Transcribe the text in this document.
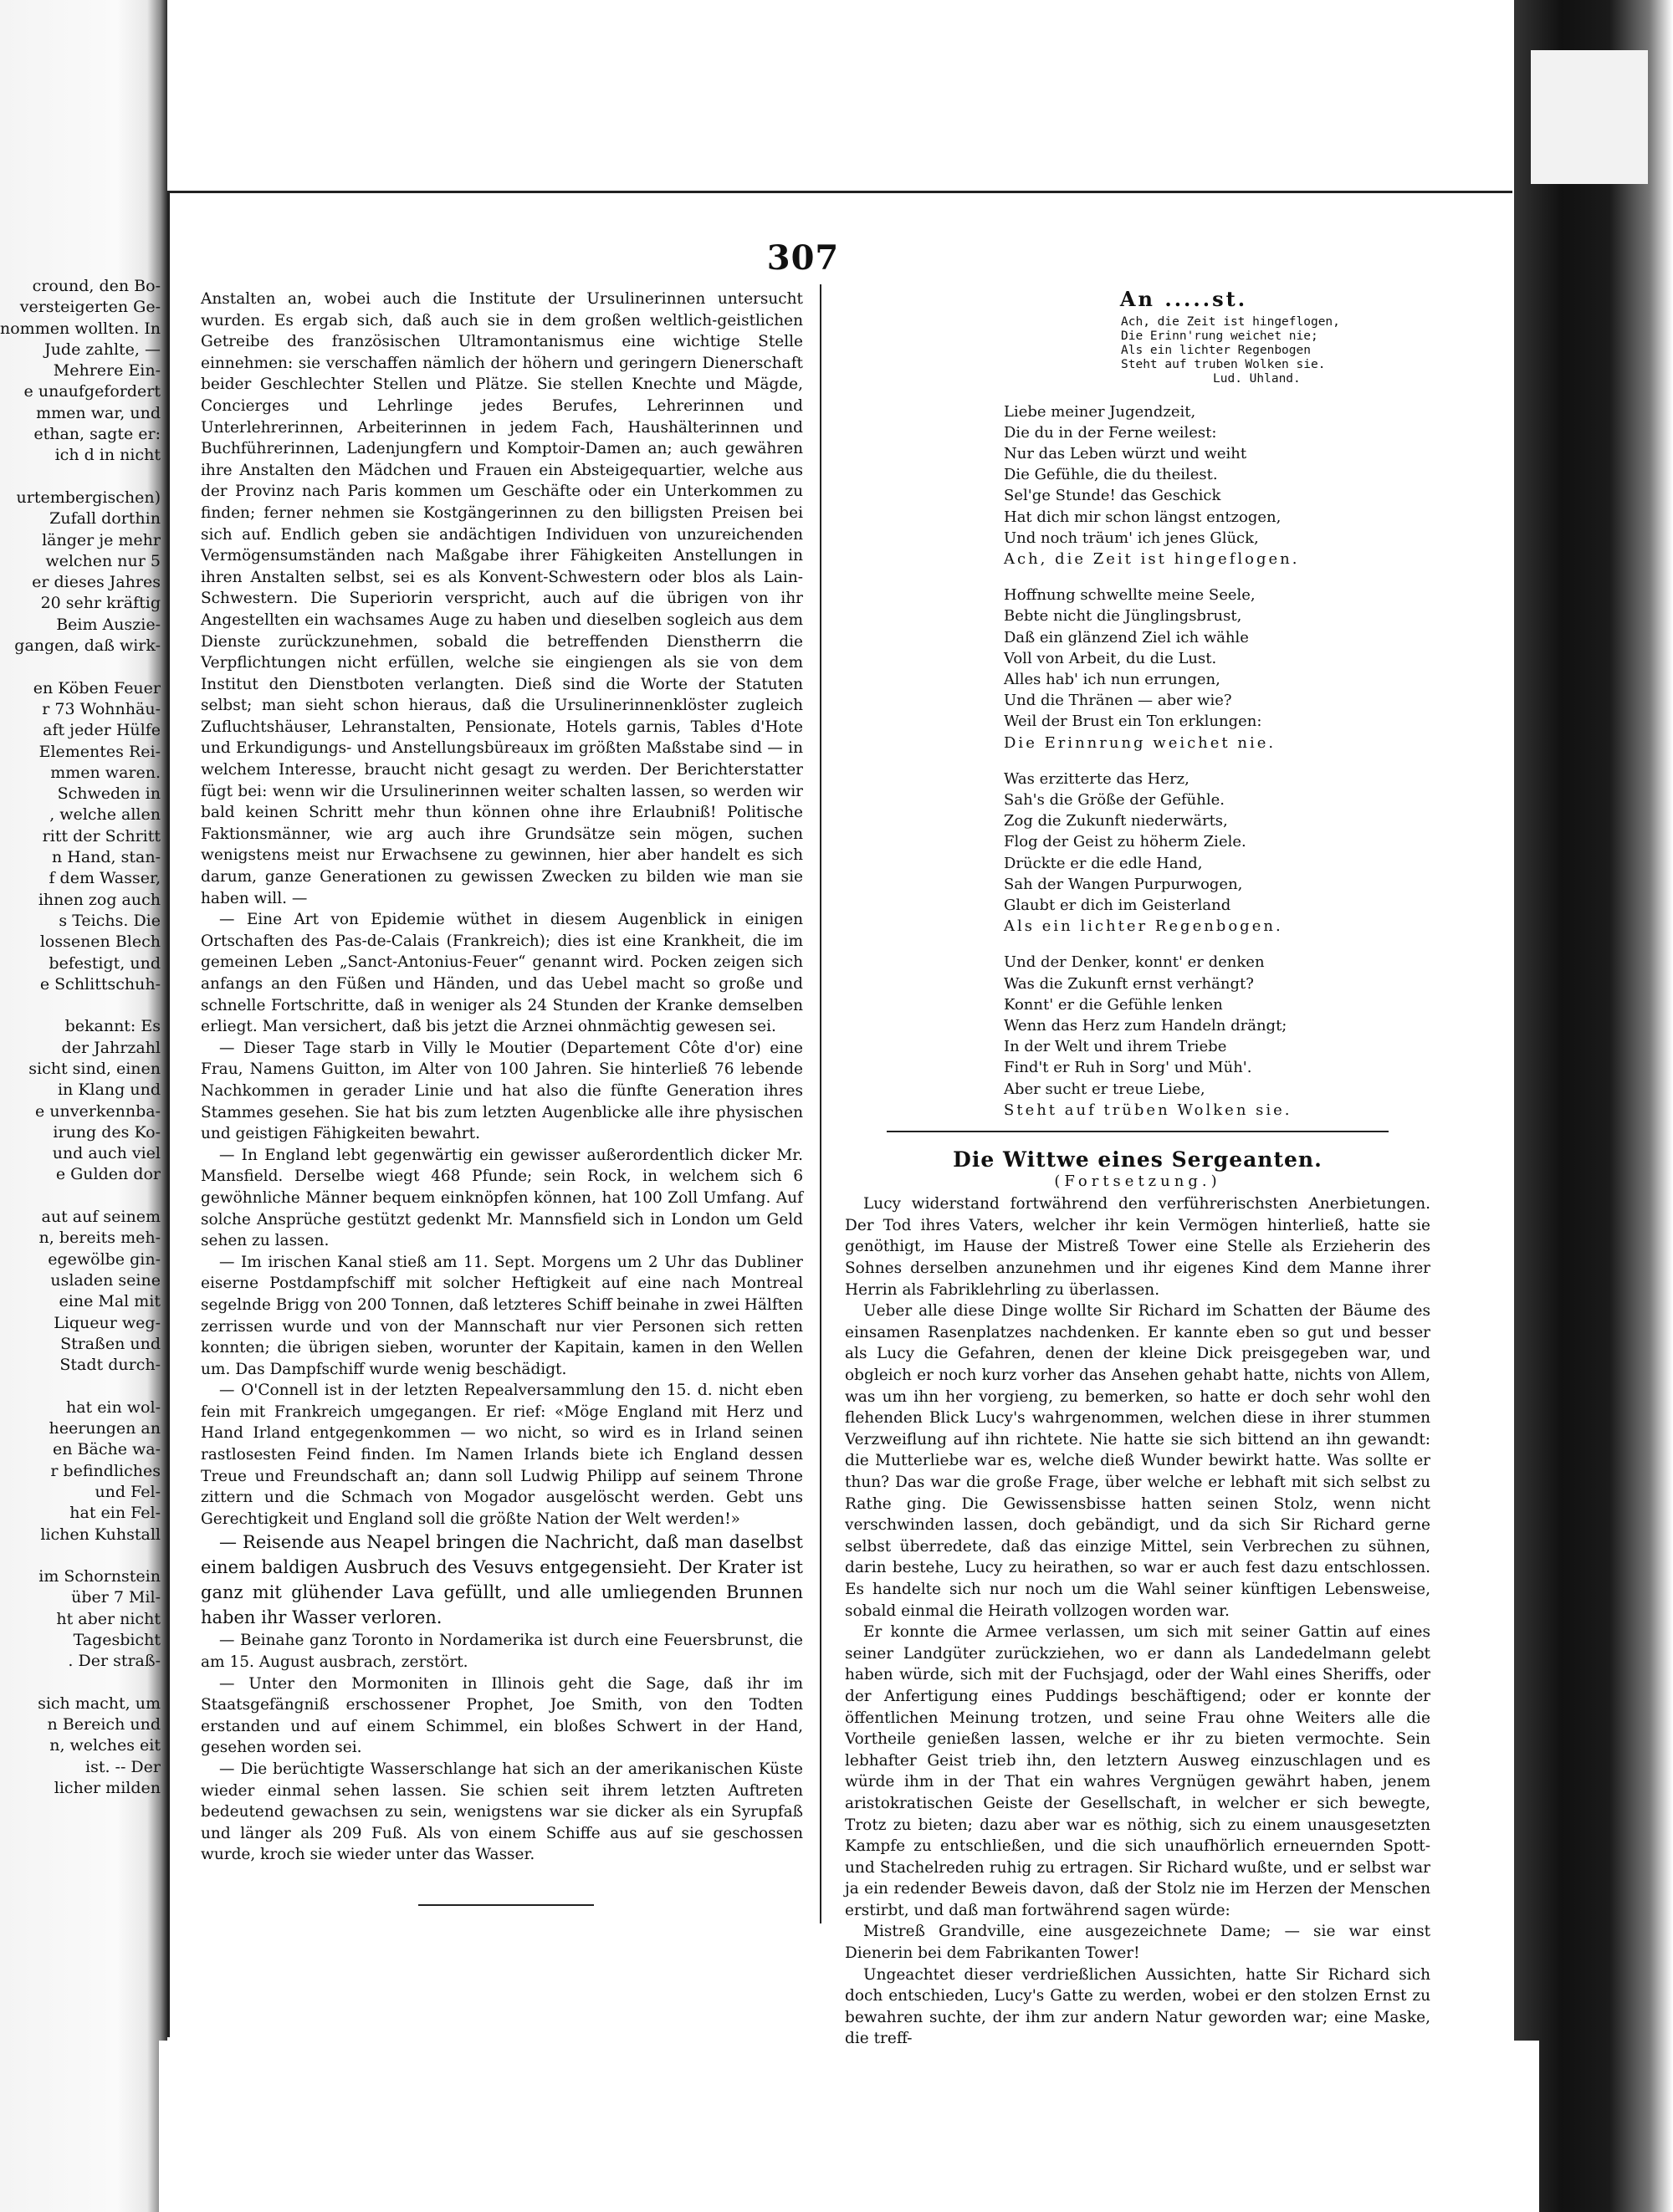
cround, den Bo-
versteigerten Ge-
nommen wollten. In
Jude zahlte, —
Mehrere Ein-
e unaufgefordert
mmen war, und
ethan, sagte er:
ich d in nicht

urtembergischen)
Zufall dorthin
länger je mehr
welchen nur 5
er dieses Jahres
20 sehr kräftig
Beim Auszie-
gangen, daß wirk-

en Köben Feuer
r 73 Wohnhäu-
aft jeder Hülfe
Elementes Rei-
mmen waren.
Schweden in
, welche allen
ritt der Schritt
n Hand, stan-
f dem Wasser,
ihnen zog auch
s Teichs. Die
lossenen Blech
befestigt, und
e Schlittschuh-

bekannt: Es
der Jahrzahl
sicht sind, einen
in Klang und
e unverkennba-
irung des Ko-
und auch viel
e Gulden dor

aut auf seinem
n, bereits meh-
egewölbe gin-
usladen seine
eine Mal mit
Liqueur weg-
Straßen und
Stadt durch-

hat ein wol-
heerungen an
en Bäche wa-
r befindliches
und Fel-
hat ein Fel-
lichen Kuhstall

im Schornstein
über 7 Mil-
ht aber nicht
Tagesbicht
. Der straß-

sich macht, um
n Bereich und
n, welches eit
ist. -- Der
licher milden
307

Anstalten an, wobei auch die Institute der Ursulinerinnen untersucht wurden. Es ergab sich, daß auch sie in dem großen weltlich-geistlichen Getreibe des französischen Ultramontanismus eine wichtige Stelle einnehmen: sie verschaffen nämlich der höhern und geringern Dienerschaft beider Geschlechter Stellen und Plätze. Sie stellen Knechte und Mägde, Concierges und Lehrlinge jedes Berufes, Lehrerinnen und Unterlehrerinnen, Arbeiterinnen in jedem Fach, Haushälterinnen und Buchführerinnen, Ladenjungfern und Komptoir-Damen an; auch gewähren ihre Anstalten den Mädchen und Frauen ein Absteigequartier, welche aus der Provinz nach Paris kommen um Geschäfte oder ein Unterkommen zu finden; ferner nehmen sie Kostgängerinnen zu den billigsten Preisen bei sich auf. Endlich geben sie andächtigen Individuen von unzureichenden Vermögensumständen nach Maßgabe ihrer Fähigkeiten Anstellungen in ihren Anstalten selbst, sei es als Konvent-Schwestern oder blos als Lain-Schwestern. Die Superiorin verspricht, auch auf die übrigen von ihr Angestellten ein wachsames Auge zu haben und dieselben sogleich aus dem Dienste zurückzunehmen, sobald die betreffenden Dienstherrn die Verpflichtungen nicht erfüllen, welche sie eingiengen als sie von dem Institut den Dienstboten verlangten. Dieß sind die Worte der Statuten selbst; man sieht schon hieraus, daß die Ursulinerinnenklöster zugleich Zufluchtshäuser, Lehranstalten, Pensionate, Hotels garnis, Tables d'Hote und Erkundigungs- und Anstellungsbüreaux im größten Maßstabe sind — in welchem Interesse, braucht nicht gesagt zu werden. Der Berichterstatter fügt bei: wenn wir die Ursulinerinnen weiter schalten lassen, so werden wir bald keinen Schritt mehr thun können ohne ihre Erlaubniß! Politische Faktionsmänner, wie arg auch ihre Grundsätze sein mögen, suchen wenigstens meist nur Erwachsene zu gewinnen, hier aber handelt es sich darum, ganze Generationen zu gewissen Zwecken zu bilden wie man sie haben will. —

— Eine Art von Epidemie wüthet in diesem Augenblick in einigen Ortschaften des Pas-de-Calais (Frankreich); dies ist eine Krankheit, die im gemeinen Leben „Sanct-Antonius-Feuer“ genannt wird. Pocken zeigen sich anfangs an den Füßen und Händen, und das Uebel macht so große und schnelle Fortschritte, daß in weniger als 24 Stunden der Kranke demselben erliegt. Man versichert, daß bis jetzt die Arznei ohnmächtig gewesen sei.

— Dieser Tage starb in Villy le Moutier (Departement Côte d'or) eine Frau, Namens Guitton, im Alter von 100 Jahren. Sie hinterließ 76 lebende Nachkommen in gerader Linie und hat also die fünfte Generation ihres Stammes gesehen. Sie hat bis zum letzten Augenblicke alle ihre physischen und geistigen Fähigkeiten bewahrt.

— In England lebt gegenwärtig ein gewisser außerordentlich dicker Mr. Mansfield. Derselbe wiegt 468 Pfunde; sein Rock, in welchem sich 6 gewöhnliche Männer bequem einknöpfen können, hat 100 Zoll Umfang. Auf solche Ansprüche gestützt gedenkt Mr. Mannsfield sich in London um Geld sehen zu lassen.

— Im irischen Kanal stieß am 11. Sept. Morgens um 2 Uhr das Dubliner eiserne Postdampfschiff mit solcher Heftigkeit auf eine nach Montreal segelnde Brigg von 200 Tonnen, daß letzteres Schiff beinahe in zwei Hälften zerrissen wurde und von der Mannschaft nur vier Personen sich retten konnten; die übrigen sieben, worunter der Kapitain, kamen in den Wellen um. Das Dampfschiff wurde wenig beschädigt.

— O'Connell ist in der letzten Repealversammlung den 15. d. nicht eben fein mit Frankreich umgegangen. Er rief: «Möge England mit Herz und Hand Irland entgegenkommen — wo nicht, so wird es in Irland seinen rastlosesten Feind finden. Im Namen Irlands biete ich England dessen Treue und Freundschaft an; dann soll Ludwig Philipp auf seinem Throne zittern und die Schmach von Mogador ausgelöscht werden. Gebt uns Gerechtigkeit und England soll die größte Nation der Welt werden!»

— Reisende aus Neapel bringen die Nachricht, daß man daselbst einem baldigen Ausbruch des Vesuvs entgegensieht. Der Krater ist ganz mit glühender Lava gefüllt, und alle umliegenden Brunnen haben ihr Wasser verloren.

— Beinahe ganz Toronto in Nordamerika ist durch eine Feuersbrunst, die am 15. August ausbrach, zerstört.

— Unter den Mormoniten in Illinois geht die Sage, daß ihr im Staatsgefängniß erschossener Prophet, Joe Smith, von den Todten erstanden und auf einem Schimmel, ein bloßes Schwert in der Hand, gesehen worden sei.

— Die berüchtigte Wasserschlange hat sich an der amerikanischen Küste wieder einmal sehen lassen. Sie schien seit ihrem letzten Auftreten bedeutend gewachsen zu sein, wenigstens war sie dicker als ein Syrupfaß und länger als 209 Fuß. Als von einem Schiffe aus auf sie geschossen wurde, kroch sie wieder unter das Wasser.

An .....st.
Ach, die Zeit ist hingeflogen,
Die Erinn'rung weichet nie;
Als ein lichter Regenbogen
Steht auf truben Wolken sie.
Lud. Uhland.
Liebe meiner Jugendzeit,
Die du in der Ferne weilest:
Nur das Leben würzt und weiht
Die Gefühle, die du theilest.
Sel'ge Stunde! das Geschick
Hat dich mir schon längst entzogen,
Und noch träum' ich jenes Glück,
Ach, die Zeit ist hingeflogen.
Hoffnung schwellte meine Seele,
Bebte nicht die Jünglingsbrust,
Daß ein glänzend Ziel ich wähle
Voll von Arbeit, du die Lust.
Alles hab' ich nun errungen,
Und die Thränen — aber wie?
Weil der Brust ein Ton erklungen:
Die Erinnrung weichet nie.
Was erzitterte das Herz,
Sah's die Größe der Gefühle.
Zog die Zukunft niederwärts,
Flog der Geist zu höherm Ziele.
Drückte er die edle Hand,
Sah der Wangen Purpurwogen,
Glaubt er dich im Geisterland
Als ein lichter Regenbogen.
Und der Denker, konnt' er denken
Was die Zukunft ernst verhängt?
Konnt' er die Gefühle lenken
Wenn das Herz zum Handeln drängt;
In der Welt und ihrem Triebe
Find't er Ruh in Sorg' und Müh'.
Aber sucht er treue Liebe,
Steht auf trüben Wolken sie.
Die Wittwe eines Sergeanten.
(Fortsetzung.)

Lucy widerstand fortwährend den verführerischsten Anerbietungen. Der Tod ihres Vaters, welcher ihr kein Vermögen hinterließ, hatte sie genöthigt, im Hause der Mistreß Tower eine Stelle als Erzieherin des Sohnes derselben anzunehmen und ihr eigenes Kind dem Manne ihrer Herrin als Fabriklehrling zu überlassen.

Ueber alle diese Dinge wollte Sir Richard im Schatten der Bäume des einsamen Rasenplatzes nachdenken. Er kannte eben so gut und besser als Lucy die Gefahren, denen der kleine Dick preisgegeben war, und obgleich er noch kurz vorher das Ansehen gehabt hatte, nichts von Allem, was um ihn her vorgieng, zu bemerken, so hatte er doch sehr wohl den flehenden Blick Lucy's wahrgenommen, welchen diese in ihrer stummen Verzweiflung auf ihn richtete. Nie hatte sie sich bittend an ihn gewandt: die Mutterliebe war es, welche dieß Wunder bewirkt hatte. Was sollte er thun? Das war die große Frage, über welche er lebhaft mit sich selbst zu Rathe ging. Die Gewissensbisse hatten seinen Stolz, wenn nicht verschwinden lassen, doch gebändigt, und da sich Sir Richard gerne selbst überredete, daß das einzige Mittel, sein Verbrechen zu sühnen, darin bestehe, Lucy zu heirathen, so war er auch fest dazu entschlossen. Es handelte sich nur noch um die Wahl seiner künftigen Lebensweise, sobald einmal die Heirath vollzogen worden war.

Er konnte die Armee verlassen, um sich mit seiner Gattin auf eines seiner Landgüter zurückziehen, wo er dann als Landedelmann gelebt haben würde, sich mit der Fuchsjagd, oder der Wahl eines Sheriffs, oder der Anfertigung eines Puddings beschäftigend; oder er konnte der öffentlichen Meinung trotzen, und seine Frau ohne Weiters alle die Vortheile genießen lassen, welche er ihr zu bieten vermochte. Sein lebhafter Geist trieb ihn, den letztern Ausweg einzuschlagen und es würde ihm in der That ein wahres Vergnügen gewährt haben, jenem aristokratischen Geiste der Gesellschaft, in welcher er sich bewegte, Trotz zu bieten; dazu aber war es nöthig, sich zu einem unausgesetzten Kampfe zu entschließen, und die sich unaufhörlich erneuernden Spott- und Stachelreden ruhig zu ertragen. Sir Richard wußte, und er selbst war ja ein redender Beweis davon, daß der Stolz nie im Herzen der Menschen erstirbt, und daß man fortwährend sagen würde:

Mistreß Grandville, eine ausgezeichnete Dame; — sie war einst Dienerin bei dem Fabrikanten Tower!

Ungeachtet dieser verdrießlichen Aussichten, hatte Sir Richard sich doch entschieden, Lucy's Gatte zu werden, wobei er den stolzen Ernst zu bewahren suchte, der ihm zur andern Natur geworden war; eine Maske, die treff-
